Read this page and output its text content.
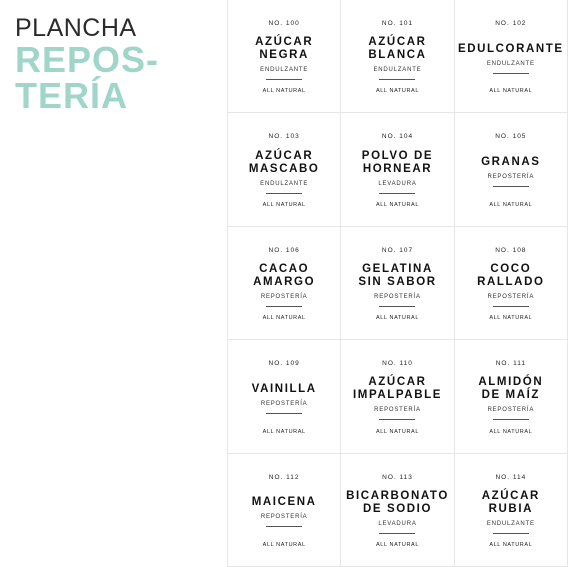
PLANCHA
REPOS-
TERÍA
NO. 100
AZÚCAR
NEGRA
ENDULZANTE
ALL NATURAL
NO. 101
AZÚCAR
BLANCA
ENDULZANTE
ALL NATURAL
NO. 102
EDULCORANTE
ENDULZANTE
ALL NATURAL
NO. 103
AZÚCAR
MASCABO
ENDULZANTE
ALL NATURAL
NO. 104
POLVO DE
HORNEAR
LEVADURA
ALL NATURAL
NO. 105
GRANAS
REPOSTERÍA
ALL NATURAL
NO. 106
CACAO
AMARGO
REPOSTERÍA
ALL NATURAL
NO. 107
GELATINA
SIN SABOR
REPOSTERÍA
ALL NATURAL
NO. 108
COCO
RALLADO
REPOSTERÍA
ALL NATURAL
NO. 109
VAINILLA
REPOSTERÍA
ALL NATURAL
NO. 110
AZÚCAR
IMPALPABLE
REPOSTERÍA
ALL NATURAL
NO. 111
ALMIDÓN
DE MAÍZ
REPOSTERÍA
ALL NATURAL
NO. 112
MAICENA
REPOSTERÍA
ALL NATURAL
NO. 113
BICARBONATO
DE SODIO
LEVADURA
ALL NATURAL
NO. 114
AZÚCAR
RUBIA
ENDULZANTE
ALL NATURAL
